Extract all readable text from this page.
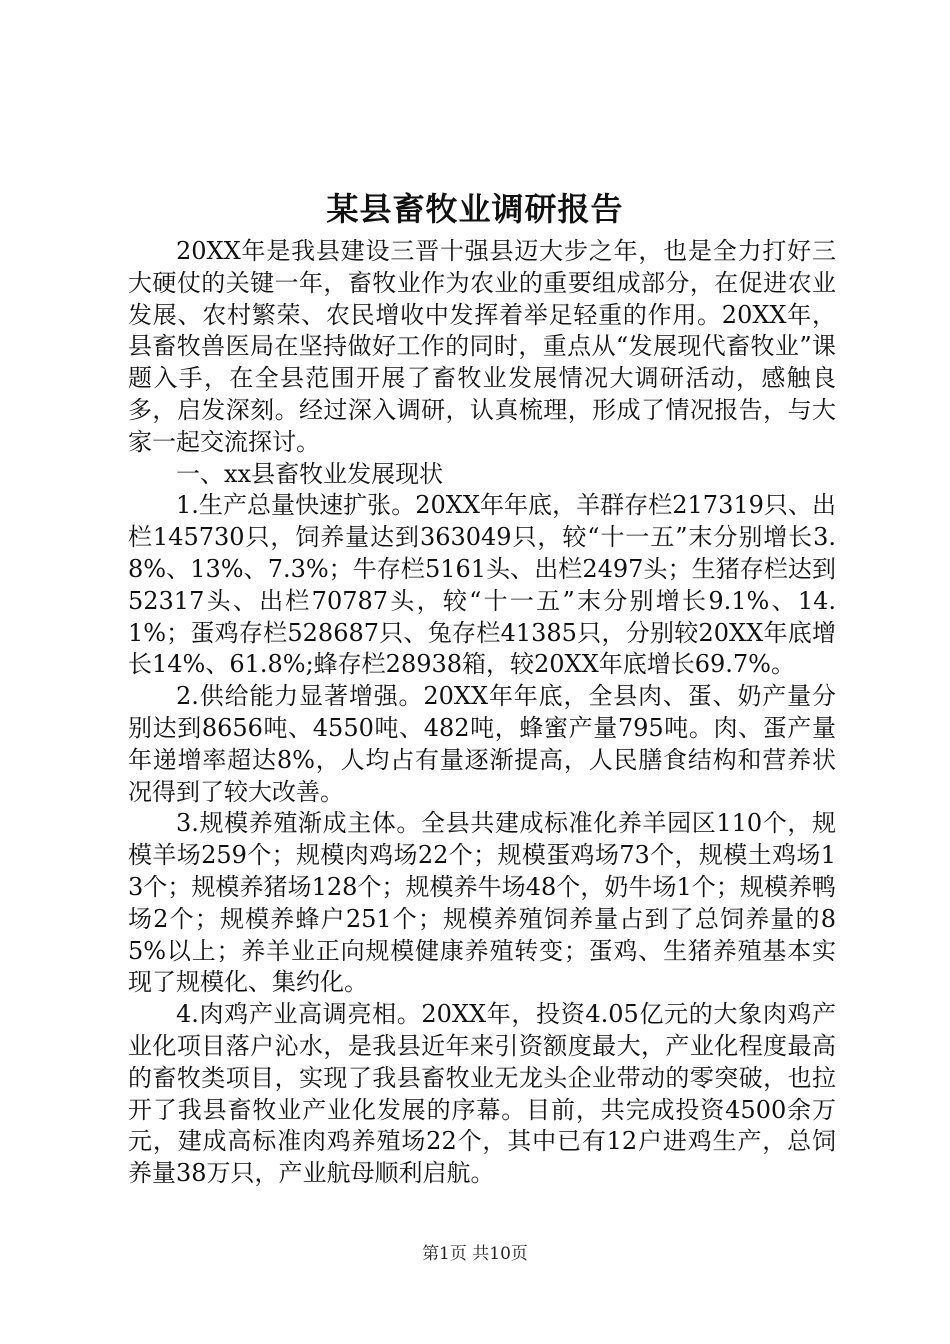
某县畜牧业调研报告

20XX年是我县建设三晋十强县迈大步之年，也是全力打好三大硬仗的关键一年，畜牧业作为农业的重要组成部分，在促进农业发展、农村繁荣、农民增收中发挥着举足轻重的作用。20XX年，县畜牧兽医局在坚持做好工作的同时，重点从“发展现代畜牧业”课题入手，在全县范围开展了畜牧业发展情况大调研活动，感触良多，启发深刻。经过深入调研，认真梳理，形成了情况报告，与大家一起交流探讨。

一、xx县畜牧业发展现状

1.生产总量快速扩张。20XX年年底，羊群存栏217319只、出栏145730只，饲养量达到363049只，较“十一五”末分别增长3.8%、13%、7.3%；牛存栏5161头、出栏2497头；生猪存栏达到52317头、出栏70787头，较“十一五”末分别增长9.1%、14.1%；蛋鸡存栏528687只、兔存栏41385只，分别较20XX年底增长14%、61.8%;蜂存栏28938箱，较20XX年底增长69.7%。

2.供给能力显著增强。20XX年年底，全县肉、蛋、奶产量分别达到8656吨、4550吨、482吨，蜂蜜产量795吨。肉、蛋产量年递增率超达8%，人均占有量逐渐提高，人民膳食结构和营养状况得到了较大改善。

3.规模养殖渐成主体。全县共建成标准化养羊园区110个，规模羊场259个；规模肉鸡场22个；规模蛋鸡场73个，规模土鸡场13个；规模养猪场128个；规模养牛场48个，奶牛场1个；规模养鸭场2个；规模养蜂户251个；规模养殖饲养量占到了总饲养量的85%以上；养羊业正向规模健康养殖转变；蛋鸡、生猪养殖基本实现了规模化、集约化。

4.肉鸡产业高调亮相。20XX年，投资4.05亿元的大象肉鸡产业化项目落户沁水，是我县近年来引资额度最大，产业化程度最高的畜牧类项目，实现了我县畜牧业无龙头企业带动的零突破，也拉开了我县畜牧业产业化发展的序幕。目前，共完成投资4500余万元，建成高标准肉鸡养殖场22个，其中已有12户进鸡生产，总饲养量38万只，产业航母顺利启航。

第1页 共10页
